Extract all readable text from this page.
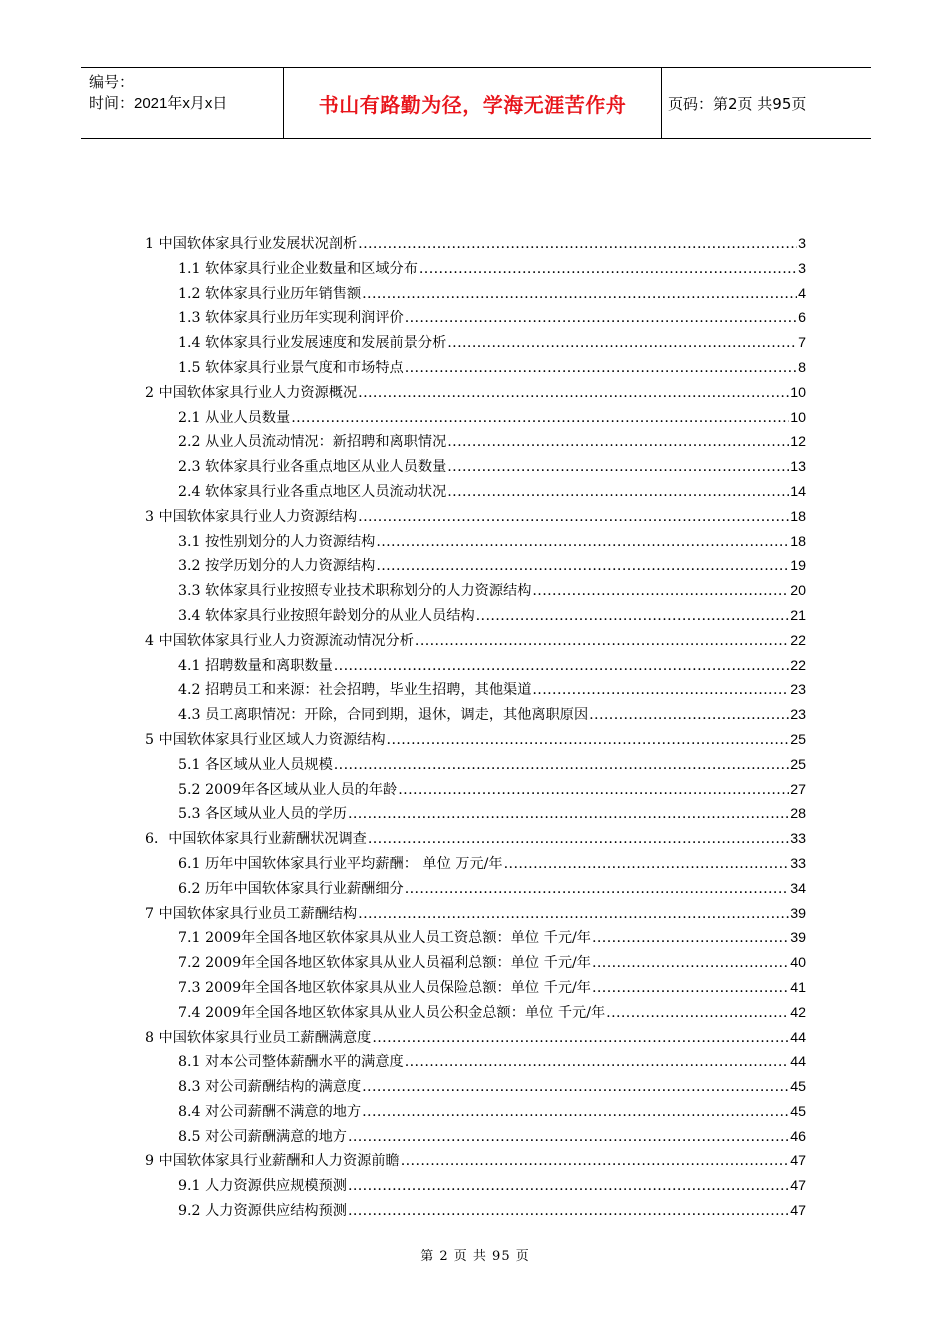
编号：
时间：2021年x月x日	书山有路勤为径，学海无涯苦作舟	页码：第2页 共95页
1 中国软体家具行业发展状况剖析 .....	3
1.1 软体家具行业企业数量和区域分布 .....	3
1.2 软体家具行业历年销售额 .....	4
1.3 软体家具行业历年实现利润评价 .....	6
1.4 软体家具行业发展速度和发展前景分析 .....	7
1.5 软体家具行业景气度和市场特点 .....	8
2 中国软体家具行业人力资源概况 .....	10
2.1 从业人员数量 .....	10
2.2 从业人员流动情况：新招聘和离职情况 .....	12
2.3 软体家具行业各重点地区从业人员数量 .....	13
2.4 软体家具行业各重点地区人员流动状况 .....	14
3 中国软体家具行业人力资源结构 .....	18
3.1 按性别划分的人力资源结构 .....	18
3.2 按学历划分的人力资源结构 .....	19
3.3 软体家具行业按照专业技术职称划分的人力资源结构 .....	20
3.4 软体家具行业按照年龄划分的从业人员结构 .....	21
4 中国软体家具行业人力资源流动情况分析 .....	22
4.1 招聘数量和离职数量 .....	22
4.2 招聘员工和来源：社会招聘，毕业生招聘，其他渠道 .....	23
4.3 员工离职情况：开除，合同到期，退休，调走，其他离职原因 .....	23
5 中国软体家具行业区域人力资源结构 .....	25
5.1 各区域从业人员规模 .....	25
5.2 2009年各区域从业人员的年龄 .....	27
5.3 各区域从业人员的学历 .....	28
6．中国软体家具行业薪酬状况调查 .....	33
6.1 历年中国软体家具行业平均薪酬： 单位 万元/年 .....	33
6.2 历年中国软体家具行业薪酬细分 .....	34
7 中国软体家具行业员工薪酬结构 .....	39
7.1 2009年全国各地区软体家具从业人员工资总额：单位 千元/年 .....	39
7.2 2009年全国各地区软体家具从业人员福利总额：单位 千元/年 .....	40
7.3 2009年全国各地区软体家具从业人员保险总额：单位 千元/年 .....	41
7.4 2009年全国各地区软体家具从业人员公积金总额：单位 千元/年 .....	42
8 中国软体家具行业员工薪酬满意度 .....	44
8.1 对本公司整体薪酬水平的满意度 .....	44
8.3 对公司薪酬结构的满意度 .....	45
8.4 对公司薪酬不满意的地方 .....	45
8.5 对公司薪酬满意的地方 .....	46
9 中国软体家具行业薪酬和人力资源前瞻 .....	47
9.1 人力资源供应规模预测 .....	47
9.2 人力资源供应结构预测 .....	47
第 2 页 共 95 页
